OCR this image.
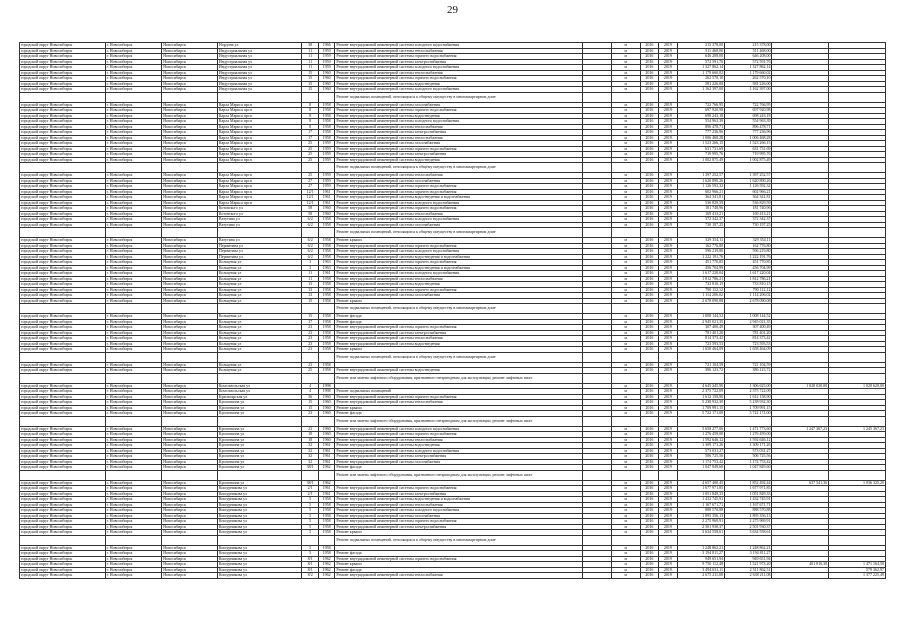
29
городской округ Новосибирск	г. Новосибирск	Новосибирск	Нордэна ул	38	1966	Ремонт внутридомовой инженерной системы холодного водоснабжения		м	2016	2019	215 378,00	215 378,00		
городской округ Новосибирск	г. Новосибирск	Новосибирск	Индустриальная ул	11	1959	Ремонт внутридомовой инженерной системы теплоснабжения		м	2016	2019	511 468,00	511 468,00		
городской округ Новосибирск	г. Новосибирск	Новосибирск	Индустриальная ул	11	1959	Ремонт внутридомовой инженерной системы горячего водоснабжения		м	2016	2019	646 208,00	646 208,00		
городской округ Новосибирск	г. Новосибирск	Новосибирск	Индустриальная ул	11	1959	Ремонт внутридомовой инженерной системы электроснабжения		м	2016	2019	572 591,76	572 591,76		
городской округ Новосибирск	г. Новосибирск	Новосибирск	Индустриальная ул	11	1959	Ремонт внутридомовой инженерной системы холодного водоснабжения		м	2016	2019	1 327 862,14	1 327 862,14		
городской округ Новосибирск	г. Новосибирск	Новосибирск	Индустриальная ул	15	1960	Ремонт внутридомовой инженерной системы теплоснабжения		м	2016	2019	1 179 660,02	1 179 660,02		
городской округ Новосибирск	г. Новосибирск	Новосибирск	Индустриальная ул	15	1960	Ремонт внутридомовой инженерной системы горячего водоснабжения		м	2016	2019	262 570,10	262 570,10		
городской округ Новосибирск	г. Новосибирск	Новосибирск	Индустриальная ул	15	1960	Ремонт внутридомовой инженерной системы водоотведения		м	2016	2019	581 226,00	581 226,00		
городской округ Новосибирск	г. Новосибирск	Новосибирск	Индустриальная ул	15	1960	Ремонт внутридомовой инженерной системы холодного водоснабжения		м	2016	2019	1 162 397,00	1 162 397,00		
						Ремонт подвальных помещений, относящихся к общему имуществу в многоквартирном доме								
городской округ Новосибирск	г. Новосибирск	Новосибирск	Карла Маркса прсп	8	1958	Ремонт внутридомовой инженерной системы газоснабжения		м	2016	2019	722 766,95	722 766,95		
городской округ Новосибирск	г. Новосибирск	Новосибирск	Карла Маркса прсп	8	1958	Ремонт внутридомовой инженерной системы горячего водоснабжения		м	2016	2019	697 920,98	697 920,98		
городской округ Новосибирск	г. Новосибирск	Новосибирск	Карла Маркса прсп	8	1958	Ремонт внутридомовой инженерной системы водоотведения		м	2016	2019	698 243,18	698 243,18		
городской округ Новосибирск	г. Новосибирск	Новосибирск	Карла Маркса прсп	8	1958	Ремонт внутридомовой инженерной системы холодного водоснабжения		м	2016	2019	554 963,39	554 963,39		
городской округ Новосибирск	г. Новосибирск	Новосибирск	Карла Маркса прсп	8	1958	Ремонт внутридомовой инженерной системы теплоснабжения		м	2016	2019	896 478,71	896 478,71		
городской округ Новосибирск	г. Новосибирск	Новосибирск	Карла Маркса прсп	17	1958	Ремонт внутридомовой инженерной системы электроснабжения		м	2016	2019	777 236,96	777 236,96		
городской округ Новосибирск	г. Новосибирск	Новосибирск	Карла Маркса прсп	17	1958	Ремонт внутридомовой инженерной системы теплоснабжения		м	2016	2019	1 006 468,28	1 006 468,28		
городской округ Новосибирск	г. Новосибирск	Новосибирск	Карла Маркса прсп	25	1959	Ремонт внутридомовой инженерной системы газоснабжения		м	2016	2019	1 523 266,15	1 523 266,15		
городской округ Новосибирск	г. Новосибирск	Новосибирск	Карла Маркса прсп	25	1959	Ремонт внутридомовой инженерной системы горячего водоснабжения		м	2016	2019	631 731,69	631 731,69		
городской округ Новосибирск	г. Новосибирск	Новосибирск	Карла Маркса прсп	25	1959	Ремонт внутридомовой инженерной системы электроснабжения		м	2016	2019	719 995,76	719 995,76		
городской округ Новосибирск	г. Новосибирск	Новосибирск	Карла Маркса прсп	25	1959	Ремонт внутридомовой инженерной системы водоотведения		м	2016	2019	1 002 875,49	1 002 875,49		
						Ремонт подвальных помещений, относящихся к общему имуществу в многоквартирном доме								
городской округ Новосибирск	г. Новосибирск	Новосибирск	Карла Маркса прсп	25	1959	Ремонт внутридомовой инженерной системы теплоснабжения		м	2016	2019	1 397 252,57	1 397 252,57		
городской округ Новосибирск	г. Новосибирск	Новосибирск	Карла Маркса прсп	27	1959	Ремонт внутридомовой инженерной системы газоснабжения		м	2016	2019	1 620 890,26	1 620 890,26		
городской округ Новосибирск	г. Новосибирск	Новосибирск	Карла Маркса прсп	27	1959	Ремонт внутридомовой инженерной системы горячего водоснабжения		м	2016	2019	1 126 592,32	1 126 592,32		
городской округ Новосибирск	г. Новосибирск	Новосибирск	Карла Маркса прсп	12/1	1961	Ремонт внутридомовой инженерной системы горячего водоснабжения		м	2016	2019	602 966,21	602 966,21		
городской округ Новосибирск	г. Новосибирск	Новосибирск	Карла Маркса прсп	12/1	1961	Ремонт внутридомовой инженерной системы водоотведения и водоснабжения		м	2016	2019	364 341,81	364 341,81		
городской округ Новосибирск	г. Новосибирск	Новосибирск	Карла Маркса прсп	12/1	1961	Ремонт внутридомовой инженерной системы холодного водоснабжения		м	2016	2019	536 829,59	536 829,59		
городской округ Новосибирск	г. Новосибирск	Новосибирск	Котовского ул	58	1960	Ремонт внутридомовой инженерной системы горячего водоснабжения		м	2016	2019	181 740,96	181 740,96		
городской округ Новосибирск	г. Новосибирск	Новосибирск	Котовского ул	58	1960	Ремонт внутридомовой инженерной системы теплоснабжения		м	2016	2019	169 413,21	169 413,21		
городской округ Новосибирск	г. Новосибирск	Новосибирск	Ватутина ул	6/2	1958	Ремонт внутридомовой инженерной системы холодного водоснабжения		м	2016	2019	372 342,37	372 342,37		
городской округ Новосибирск	г. Новосибирск	Новосибирск	Ватутина ул	6/2	1958	Ремонт внутридомовой инженерной системы газоснабжения		м	2016	2019	730 197,25	730 197,25		
						Ремонт подвальных помещений, относящихся к общему имуществу в многоквартирном доме								
городской округ Новосибирск	г. Новосибирск	Новосибирск	Ватутина ул	6/2	1958	Ремонт крыши		м	2016	2019	329 354,11	329 354,11		
городской округ Новосибирск	г. Новосибирск	Новосибирск	Пермитина ул	6/2	1958	Ремонт внутридомовой инженерной системы горячего водоснабжения		м	2016	2019	162 776,80	162 776,80		
городской округ Новосибирск	г. Новосибирск	Новосибирск	Пермитина ул	6/2	1958	Ремонт внутридомовой инженерной системы холодного водоснабжения		м	2016	2019	596 219,80	596 219,80		
городской округ Новосибирск	г. Новосибирск	Новосибирск	Пермитина ул	6/2	1958	Ремонт внутридомовой инженерной системы водоотведения и водоснабжения		м	2016	2019	1 222 191,76	1 222 191,76		
городской округ Новосибирск	г. Новосибирск	Новосибирск	Кольцевая ул	3	1963	Ремонт внутридомовой инженерной системы горячего водоснабжения		м	2016	2019	451 770,85	451 770,85		
городской округ Новосибирск	г. Новосибирск	Новосибирск	Кольцевая ул	3	1963	Ремонт внутридомовой инженерной системы водоотведения и водоснабжения		м	2016	2019	456 704,99	456 704,99		
городской округ Новосибирск	г. Новосибирск	Новосибирск	Кольцевая ул	11	1961	Ремонт внутридомовой инженерной системы холодного водоснабжения		м	2016	2019	1 617 220,04	1 617 220,04		
городской округ Новосибирск	г. Новосибирск	Новосибирск	Кольцевая ул	11	1958	Ремонт внутридомовой инженерной системы теплоснабжения		м	2016	2019	1 812 786,21	1 812 786,21		
городской округ Новосибирск	г. Новосибирск	Новосибирск	Кольцевая ул	13	1958	Ремонт внутридомовой инженерной системы водоотведения		м	2016	2019	733 810,15	733 810,15		
городской округ Новосибирск	г. Новосибирск	Новосибирск	Кольцевая ул	13	1958	Ремонт внутридомовой инженерной системы горячего водоснабжения		м	2016	2019	790 112,12	790 112,12		
городской округ Новосибирск	г. Новосибирск	Новосибирск	Кольцевая ул	13	1958	Ремонт внутридомовой инженерной системы газоснабжения		м	2016	2019	1 114 206,02	1 114 206,02		
городской округ Новосибирск	г. Новосибирск	Новосибирск	Кольцевая ул	15	1958	Ремонт крыши		м	2016	2019	2 678 090,08	2 678 090,08		
						Ремонт подвальных помещений, относящихся к общему имуществу в многоквартирном доме								
городской округ Новосибирск	г. Новосибирск	Новосибирск	Кольцевая ул	15	1958	Ремонт фасада		м	2016	2019	1 008 144,52	1 008 144,52		
городской округ Новосибирск	г. Новосибирск	Новосибирск	Кольцевая ул	17	1958	Ремонт фасада		м	2016	2019	2 945 021,35	2 945 021,35		
городской округ Новосибирск	г. Новосибирск	Новосибирск	Кольцевая ул	23	1958	Ремонт внутридомовой инженерной системы горячего водоснабжения		м	2016	2019	307 400,49	307 400,49		
городской округ Новосибирск	г. Новосибирск	Новосибирск	Кольцевая ул	23	1958	Ремонт внутридомовой инженерной системы электроснабжения		м	2016	2019	781 401,20	781 401,20		
городской округ Новосибирск	г. Новосибирск	Новосибирск	Кольцевая ул	23	1958	Ремонт внутридомовой инженерной системы теплоснабжения		м	2016	2019	814 373,42	814 373,42		
городской округ Новосибирск	г. Новосибирск	Новосибирск	Кольцевая ул	23	1958	Ремонт внутридомовой инженерной системы водоотведения		м	2016	2019	723 593,53	723 593,53		
городской округ Новосибирск	г. Новосибирск	Новосибирск	Кольцевая ул	23	1958	Ремонт крыши		м	2016	2019	1 658 464,09	1 658 464,09		
						Ремонт подвальных помещений, относящихся к общему имуществу в многоквартирном доме								
городской округ Новосибирск	г. Новосибирск	Новосибирск	Кольцевая ул	23	1958			м	2016	2019	721 104,59	721 104,59		
городской округ Новосибирск	г. Новосибирск	Новосибирск	Кольцевая ул	25	1958	Ремонт внутридомовой инженерной системы водоотведения		м	2016	2019	386 123,72	386 123,72		
						Ремонт или замена лифтового оборудования, признанного непригодным для эксплуатации, ремонт лифтовых шахт								
городской округ Новосибирск	г. Новосибирск	Новосибирск	Комсомольская ул	4	1998			м	2016	2019	4 645 245,90	1 306 625,00	1 028 020,00	1 028 620,00
городской округ Новосибирск	г. Новосибирск	Новосибирск	Комсомольская ул	4	1998	Ремонт подвальных помещений		м	2016	2019	2 375 722,09	2 375 722,09		
городской округ Новосибирск	г. Новосибирск	Новосибирск	Красноярская ул	36	1960	Ремонт внутридомовой инженерной системы горячего водоснабжения		м	2016	2019	1 612 158,90	1 612 158,90		
городской округ Новосибирск	г. Новосибирск	Новосибирск	Кропоткина ул	15	1960	Ремонт внутридомовой инженерной системы теплоснабжения		м	2016	2019	5 238 932,30	5 238 932,30		
городской округ Новосибирск	г. Новосибирск	Новосибирск	Кропоткина ул	15	1960	Ремонт крыши		м	2016	2019	1 709 991,15	1 709 991,15		
городской округ Новосибирск	г. Новосибирск	Новосибирск	Кропоткина ул	23	1960	Ремонт фасада		м	2016	2019	5 722 171,00	5 722 171,00		
						Ремонт или замена лифтового оборудования, признанного непригодным для эксплуатации, ремонт лифтовых шахт								
городской округ Новосибирск	г. Новосибирск	Новосибирск	Кропоткина ул	23	1960	Ремонт внутридомовой инженерной системы холодного водоснабжения		м	2016	2019	5 658 277,06	1 471 773,60	1 247 367,23	1 245 367,23
городской округ Новосибирск	г. Новосибирск	Новосибирск	Кропоткина ул	18	1960	Ремонт внутридомовой инженерной системы горячего водоснабжения		м	2016	2019	1 276 459,00	1 276 459,00		
городской округ Новосибирск	г. Новосибирск	Новосибирск	Кропоткина ул	18	1960	Ремонт внутридомовой инженерной системы теплоснабжения		м	2016	2019	1 592 646,12	1 592 646,12		
городской округ Новосибирск	г. Новосибирск	Новосибирск	Кропоткина ул	32	1961	Ремонт внутридомовой инженерной системы водоотведения		м	2016	2019	1 309 171,26	1 309 171,26		
городской округ Новосибирск	г. Новосибирск	Новосибирск	Кропоткина ул	32	1961	Ремонт внутридомовой инженерной системы холодного водоснабжения		м	2016	2019	573 031,27	573 031,27		
городской округ Новосибирск	г. Новосибирск	Новосибирск	Кропоткина ул	32	1961	Ремонт внутридомовой инженерной системы электроснабжения		м	2016	2019	506 725,56	506 725,56		
городской округ Новосибирск	г. Новосибирск	Новосибирск	Кропоткина ул	32	1961	Ремонт внутридомовой инженерной системы газоснабжения		м	2016	2019	1 174 753,42	1 174 753,42		
городской округ Новосибирск	г. Новосибирск	Новосибирск	Кропоткина ул	38/1	1962	Ремонт фасада		м	2016	2019	1 047 849,60	1 047 849,60		
						Ремонт или замена лифтового оборудования, признанного непригодным для эксплуатации, ремонт лифтовых шахт								
городской округ Новосибирск	г. Новосибирск	Новосибирск	Кропоткина ул	38/1	1962			м	2016	2019	4 657 400,45	1 852 492,44	637 541,36	1 036 325,20
городской округ Новосибирск	г. Новосибирск	Новосибирск	Кошурникова ул	2/1	1961	Ремонт внутридомовой инженерной системы горячего водоснабжения		м	2016	2019	1 677 971,85	1 677 971,85		
городской округ Новосибирск	г. Новосибирск	Новосибирск	Кошурникова ул	2/1	1961	Ремонт внутридомовой инженерной системы электроснабжения		м	2016	2019	1 051 849,33	1 051 849,33		
городской округ Новосибирск	г. Новосибирск	Новосибирск	Кошурникова ул	5	1958	Ремонт внутридомовой инженерной системы водоотведения и водоснабжения		м	2016	2019	1 432 745,91	1 432 745,91		
городской округ Новосибирск	г. Новосибирск	Новосибирск	Кошурникова ул	5	1958	Ремонт внутридомовой инженерной системы теплоснабжения		м	2016	2019	1 167 671,71	1 167 671,71		
городской округ Новосибирск	г. Новосибирск	Новосибирск	Кошурникова ул	5	1958	Ремонт внутридомовой инженерной системы холодного водоснабжения		м	2016	2019	888 570,88	888 570,88		
городской округ Новосибирск	г. Новосибирск	Новосибирск	Кошурникова ул	5	1958	Ремонт внутридомовой инженерной системы газоснабжения		м	2016	2019	1 895 356,13	1 895 356,13		
городской округ Новосибирск	г. Новосибирск	Новосибирск	Кошурникова ул	5	1958	Ремонт внутридомовой инженерной системы горячего водоснабжения		м	2016	2019	2 275 969,91	2 275 969,91		
городской округ Новосибирск	г. Новосибирск	Новосибирск	Кошурникова ул	5	1958	Ремонт внутридомовой инженерной системы электроснабжения		м	2016	2019	2 501 930,37	2 501 930,37		
городской округ Новосибирск	г. Новосибирск	Новосибирск	Кошурникова ул	5	1958	Ремонт крыши		м	2016	2019	3 634 558,61	3 634 558,61		
						Ремонт подвальных помещений, относящихся к общему имуществу в многоквартирном доме								
городской округ Новосибирск	г. Новосибирск	Новосибирск	Кошурникова ул	5	1958			м	2016	2019	1 248 862,21	1 248 862,21		
городской округ Новосибирск	г. Новосибирск	Новосибирск	Кошурникова ул	5	1958	Ремонт фасада		м	2016	2019	3 194 811,27	3 194 811,27		
городской округ Новосибирск	г. Новосибирск	Новосибирск	Кошурникова ул	8/1	1962	Ремонт внутридомовой инженерной системы горячего водоснабжения		м	2016	2019	949 651,94	949 651,94		
городской округ Новосибирск	г. Новосибирск	Новосибирск	Кошурникова ул	8/1	1962	Ремонт крыши		м	2016	2019	9 750 112,48	1 521 973,20	401 816,30	1 471 164,50
городской округ Новосибирск	г. Новосибирск	Новосибирск	Кошурникова ул	8/1	1962	Ремонт фасада		м	2016	2019	3 494 631,11	2 511 862,51		579 362,97
городской округ Новосибирск	г. Новосибирск	Новосибирск	Кошурникова ул	8/2	1962	Ремонт внутридомовой инженерной системы теплоснабжения		м	2016	2019	2 675 211,08	2 638 211,08		1 377 225,49
